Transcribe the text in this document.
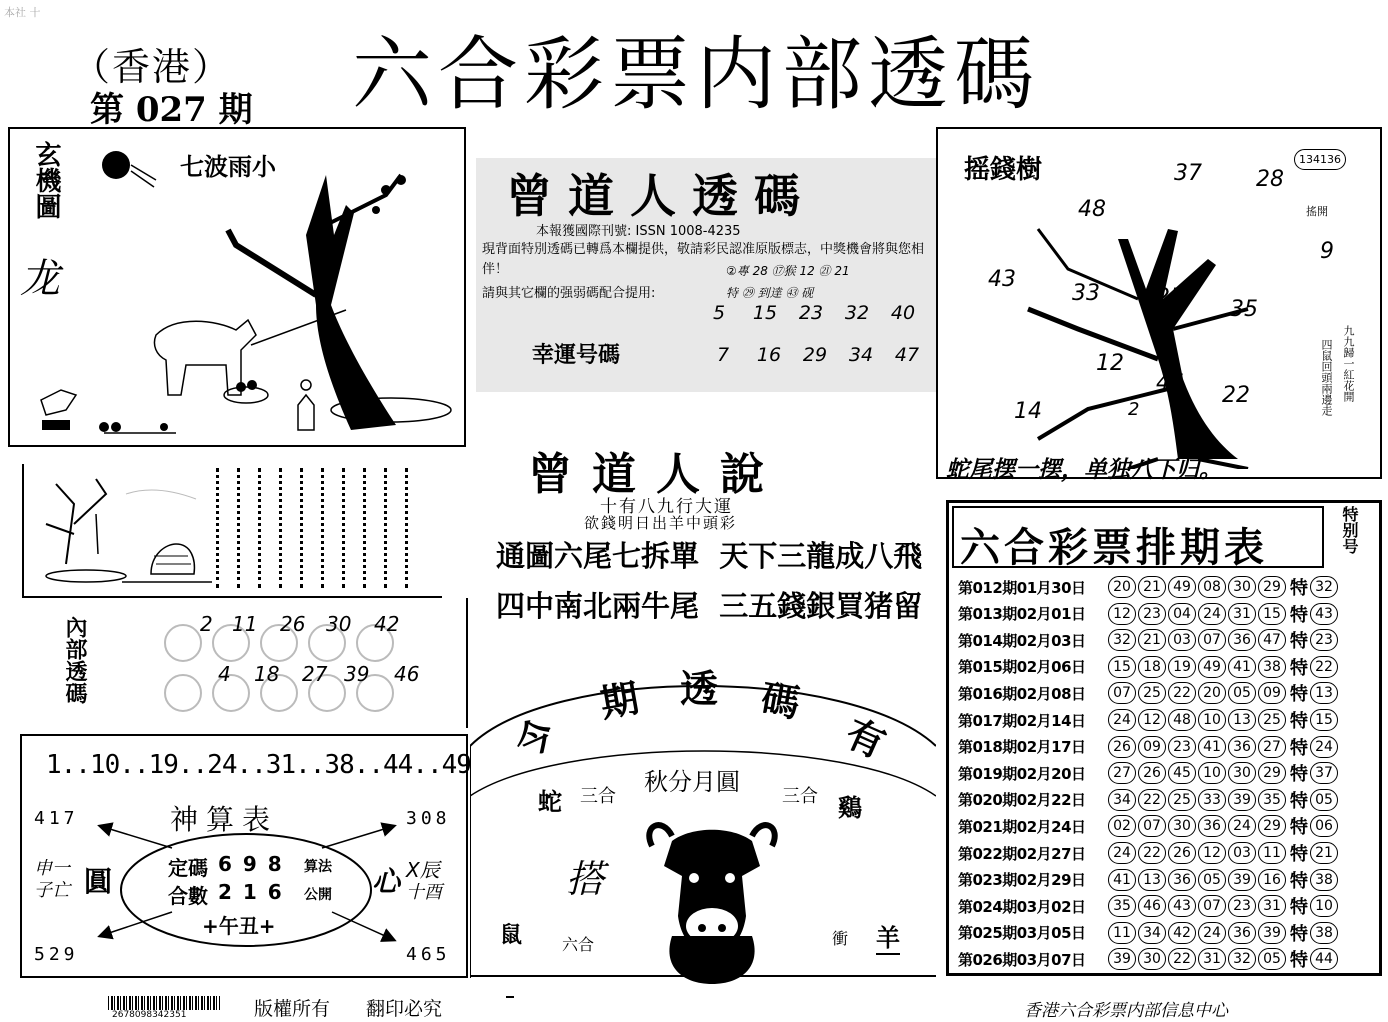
本社 十
（香港）
第 027 期 六合彩票内部透碼
玄機圖
龙
七波雨小
曾道人透碼
本報獲國際刊號: ISSN 1008-4235
現背面特別透碼已轉爲本欄提供，敬請彩民認准原版標志，中獎機會將與您相伴！
請與其它欄的强弱碼配合提用:
②專 28 ⑰猴 12 ㉑ 21
特 ㉙ 到達 ㊸ 砚
幸運号碼
5 15 23 32 40
7 16 29 34 47
摇錢樹	134136
搖開
37 28
48
9
43
33	25 35
12
45 22
14	2
九九歸一紅花開
四鼠回頭兩邊走
蛇尾摆一摆，单独八下归。
內部透碼	2 11 26 30 42
4 18 27 39 46
曾道人說
十有八九行大運
欲錢明日出羊中頭彩
通圖六尾七拆單  天下三龍成八飛
四中南北兩牛尾  三五錢銀買猪留
六合彩票排期表	特别号
第012期01月30日	20 21 49 08 30 29 特 32
第013期02月01日	12 23 04 24 31 15 特 43
第014期02月03日	32 21 03 07 36 47 特 23
第015期02月06日	15 18 19 49 41 38 特 22
第016期02月08日	07 25 22 20 05 09 特 13
第017期02月14日	24 12 48 10 13 25 特 15
第018期02月17日	26 09 23 41 36 27 特 24
第019期02月20日	27 26 45 10 30 29 特 37
第020期02月22日	34 22 25 33 39 35 特 05
第021期02月24日	02 07 30 36 24 29 特 06
第022期02月27日	24 22 26 12 03 11 特 21
第023期02月29日	41 13 36 05 39 16 特 38
第024期03月02日	35 46 43 07 23 31 特 10
第025期03月05日	11 34 42 24 36 39 特 38
第026期03月07日	39 30 22 31 32 05 特 44
1..10..19..24..31..38..44..49
神算表
417	308
529	465
申一
子亡 圓	心 X辰
十酉
定碼 6 9 8
合數 2 1 6
算法
公開
+午丑+
今
期 透 碼
有
秋分月圓
蛇 三合	三合 鷄
搭
鼠 六合	衝 羊
2678098342351	版權所有 翻印必究	香港六合彩票内部信息中心
